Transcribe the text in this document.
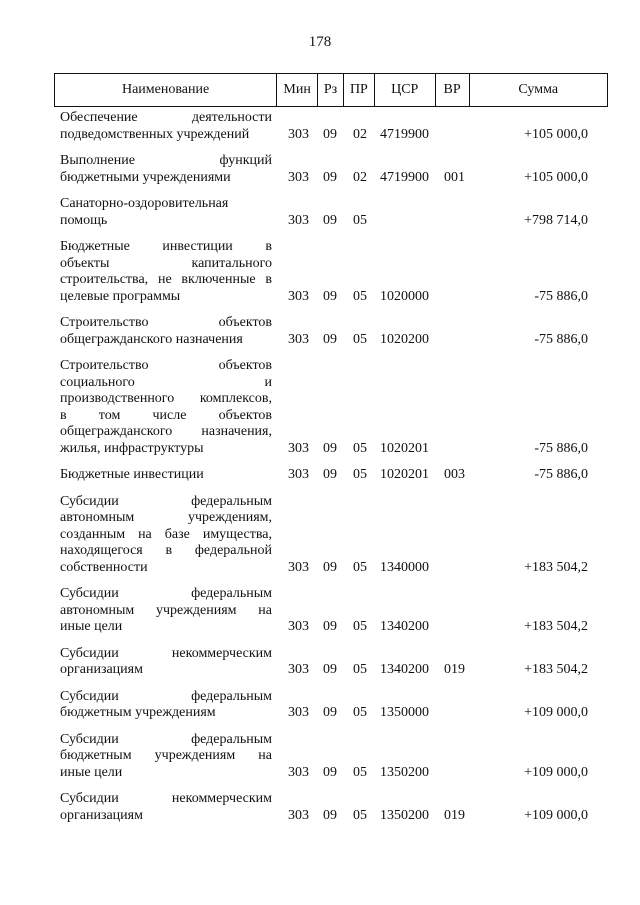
178
Наименование	Мин Рз ПР	ЦСР	ВР	Сумма
Обеспечение деятельности
подведомственных учреждений	303 09 02 4719900	+105 000,0
Выполнение функций
бюджетными учреждениями	303 09 02 4719900 001	+105 000,0
Санаторно-оздоровительная
помощь	303 09 05	+798 714,0
Бюджетные инвестиции в
объекты капитального
строительства, не включенные в
целевые программы	303 09 05 1020000	-75 886,0
Строительство объектов
общегражданского назначения	303 09 05 1020200	-75 886,0
Строительство объектов
социального и
производственного комплексов,
в том числе объектов
общегражданского назначения,
жилья, инфраструктуры	303 09 05 1020201	-75 886,0
Бюджетные инвестиции	303 09 05 1020201 003	-75 886,0
Субсидии федеральным
автономным учреждениям,
созданным на базе имущества,
находящегося в федеральной
собственности	303 09 05 1340000	+183 504,2
Субсидии федеральным
автономным учреждениям на
иные цели	303 09 05 1340200	+183 504,2
Субсидии некоммерческим
организациям	303 09 05 1340200 019	+183 504,2
Субсидии федеральным
бюджетным учреждениям	303 09 05 1350000	+109 000,0
Субсидии федеральным
бюджетным учреждениям на
иные цели	303 09 05 1350200	+109 000,0
Субсидии некоммерческим
организациям	303 09 05 1350200 019	+109 000,0
